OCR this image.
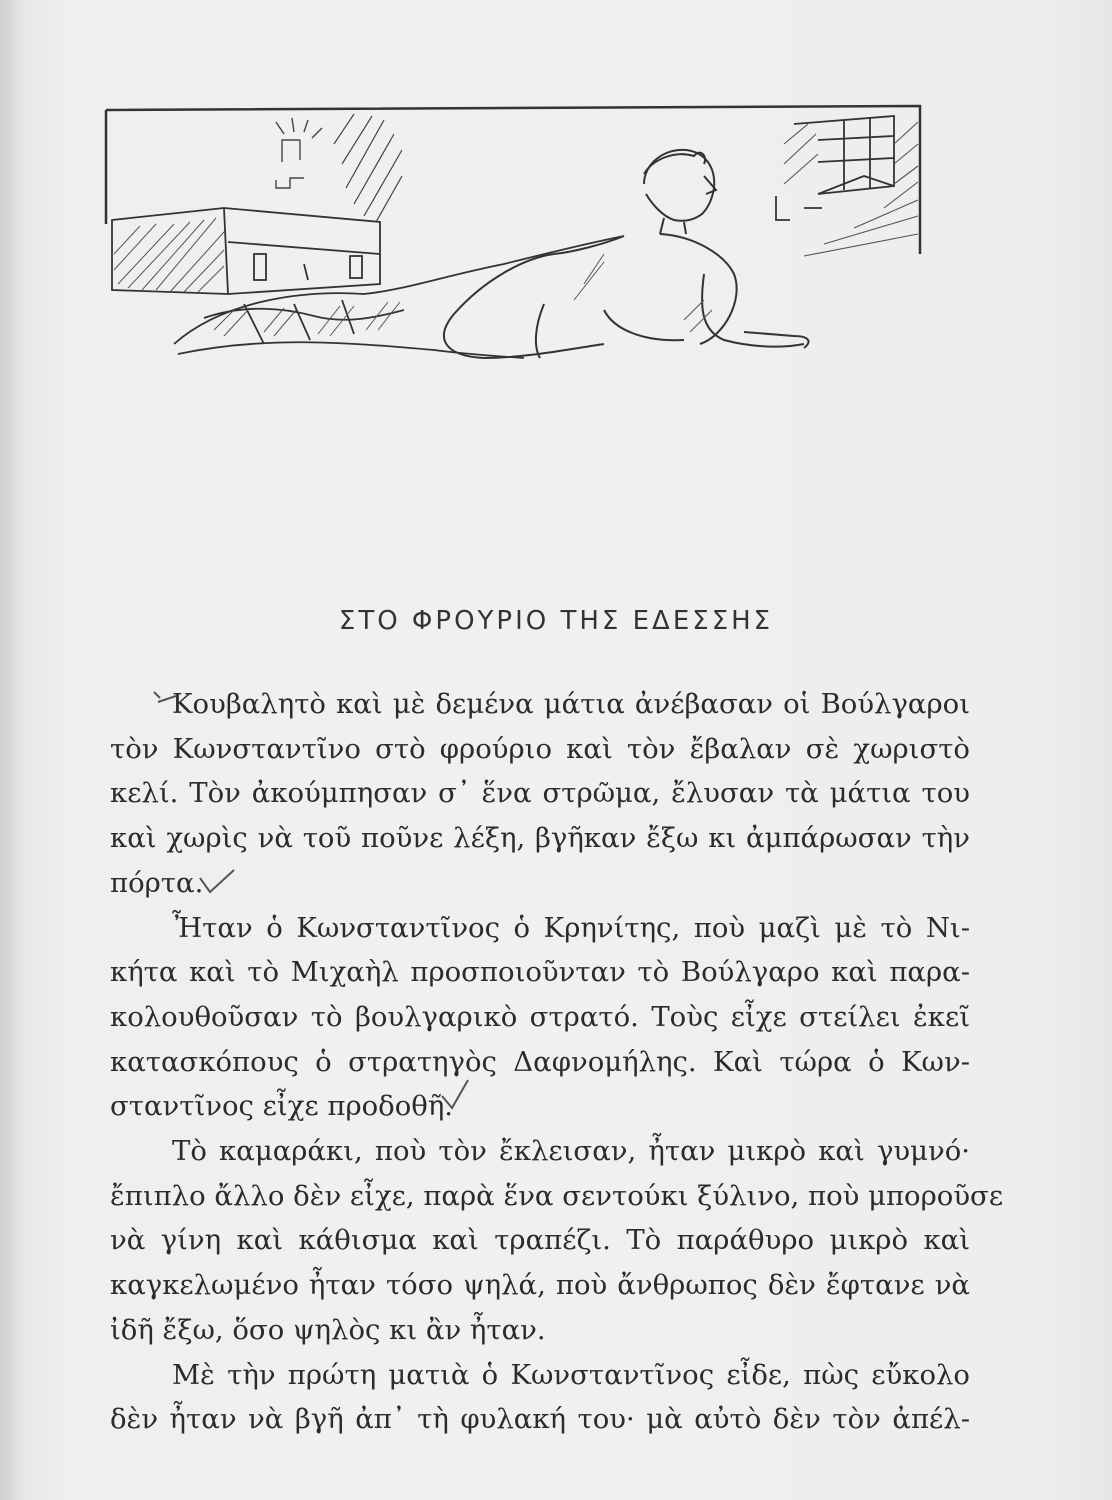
ΣΤΟ ΦΡΟΥΡΙΟ ΤΗΣ ΕΔΕΣΣΗΣ

Κουβαλητὸ καὶ μὲ δεμένα μάτια ἀνέβασαν οἱ Βούλγαροι
τὸν Κωνσταντῖνο στὸ φρούριο καὶ τὸν ἔβαλαν σὲ χωριστὸ
κελί. Τὸν ἀκούμπησαν σ᾽ ἕνα στρῶμα, ἔλυσαν τὰ μάτια του
καὶ χωρὶς νὰ τοῦ ποῦνε λέξη, βγῆκαν ἔξω κι ἀμπάρωσαν τὴν
πόρτα.

Ἦταν ὁ Κωνσταντῖνος ὁ Κρηνίτης, ποὺ μαζὶ μὲ τὸ Νι-
κήτα καὶ τὸ Μιχαὴλ προσποιοῦνταν τὸ Βούλγαρο καὶ παρα-
κολουθοῦσαν τὸ βουλγαρικὸ στρατό. Τοὺς εἶχε στείλει ἐκεῖ
κατασκόπους ὁ στρατηγὸς Δαφνομήλης. Καὶ τώρα ὁ Κων-
σταντῖνος εἶχε προδοθῆ.

Τὸ καμαράκι, ποὺ τὸν ἔκλεισαν, ἦταν μικρὸ καὶ γυμνό·
ἔπιπλο ἄλλο δὲν εἶχε, παρὰ ἕνα σεντούκι ξύλινο, ποὺ μποροῦσε
νὰ γίνη καὶ κάθισμα καὶ τραπέζι. Τὸ παράθυρο μικρὸ καὶ
καγκελωμένο ἦταν τόσο ψηλά, ποὺ ἄνθρωπος δὲν ἔφτανε νὰ
ἰδῆ ἔξω, ὅσο ψηλὸς κι ἂν ἦταν.

Μὲ τὴν πρώτη ματιὰ ὁ Κωνσταντῖνος εἶδε, πὼς εὔκολο
δὲν ἦταν νὰ βγῆ ἀπ᾽ τὴ φυλακή του· μὰ αὐτὸ δὲν τὸν ἀπέλ-
